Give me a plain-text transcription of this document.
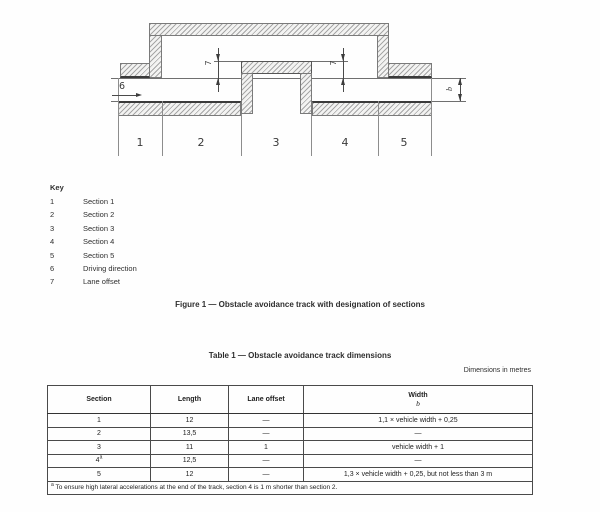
7	7
b
6
1	2	3	4	5
Key
1	Section 1
2	Section 2
3	Section 3
4	Section 4
5	Section 5
6	Driving direction
7	Lane offset
Figure 1 — Obstacle avoidance track with designation of sections
Table 1 — Obstacle avoidance track dimensions
Dimensions in metres
Section	Length	Lane offset	Width
b

1	12	—	1,1 × vehicle width + 0,25
2	13,5	—	—
3	11	1	vehicle width + 1
4$^a$	12,5	—	—
5	12	—	1,3 × vehicle width + 0,25, but not less than 3 m
$^a$ To ensure high lateral accelerations at the end of the track, section 4 is 1 m shorter than section 2.			
